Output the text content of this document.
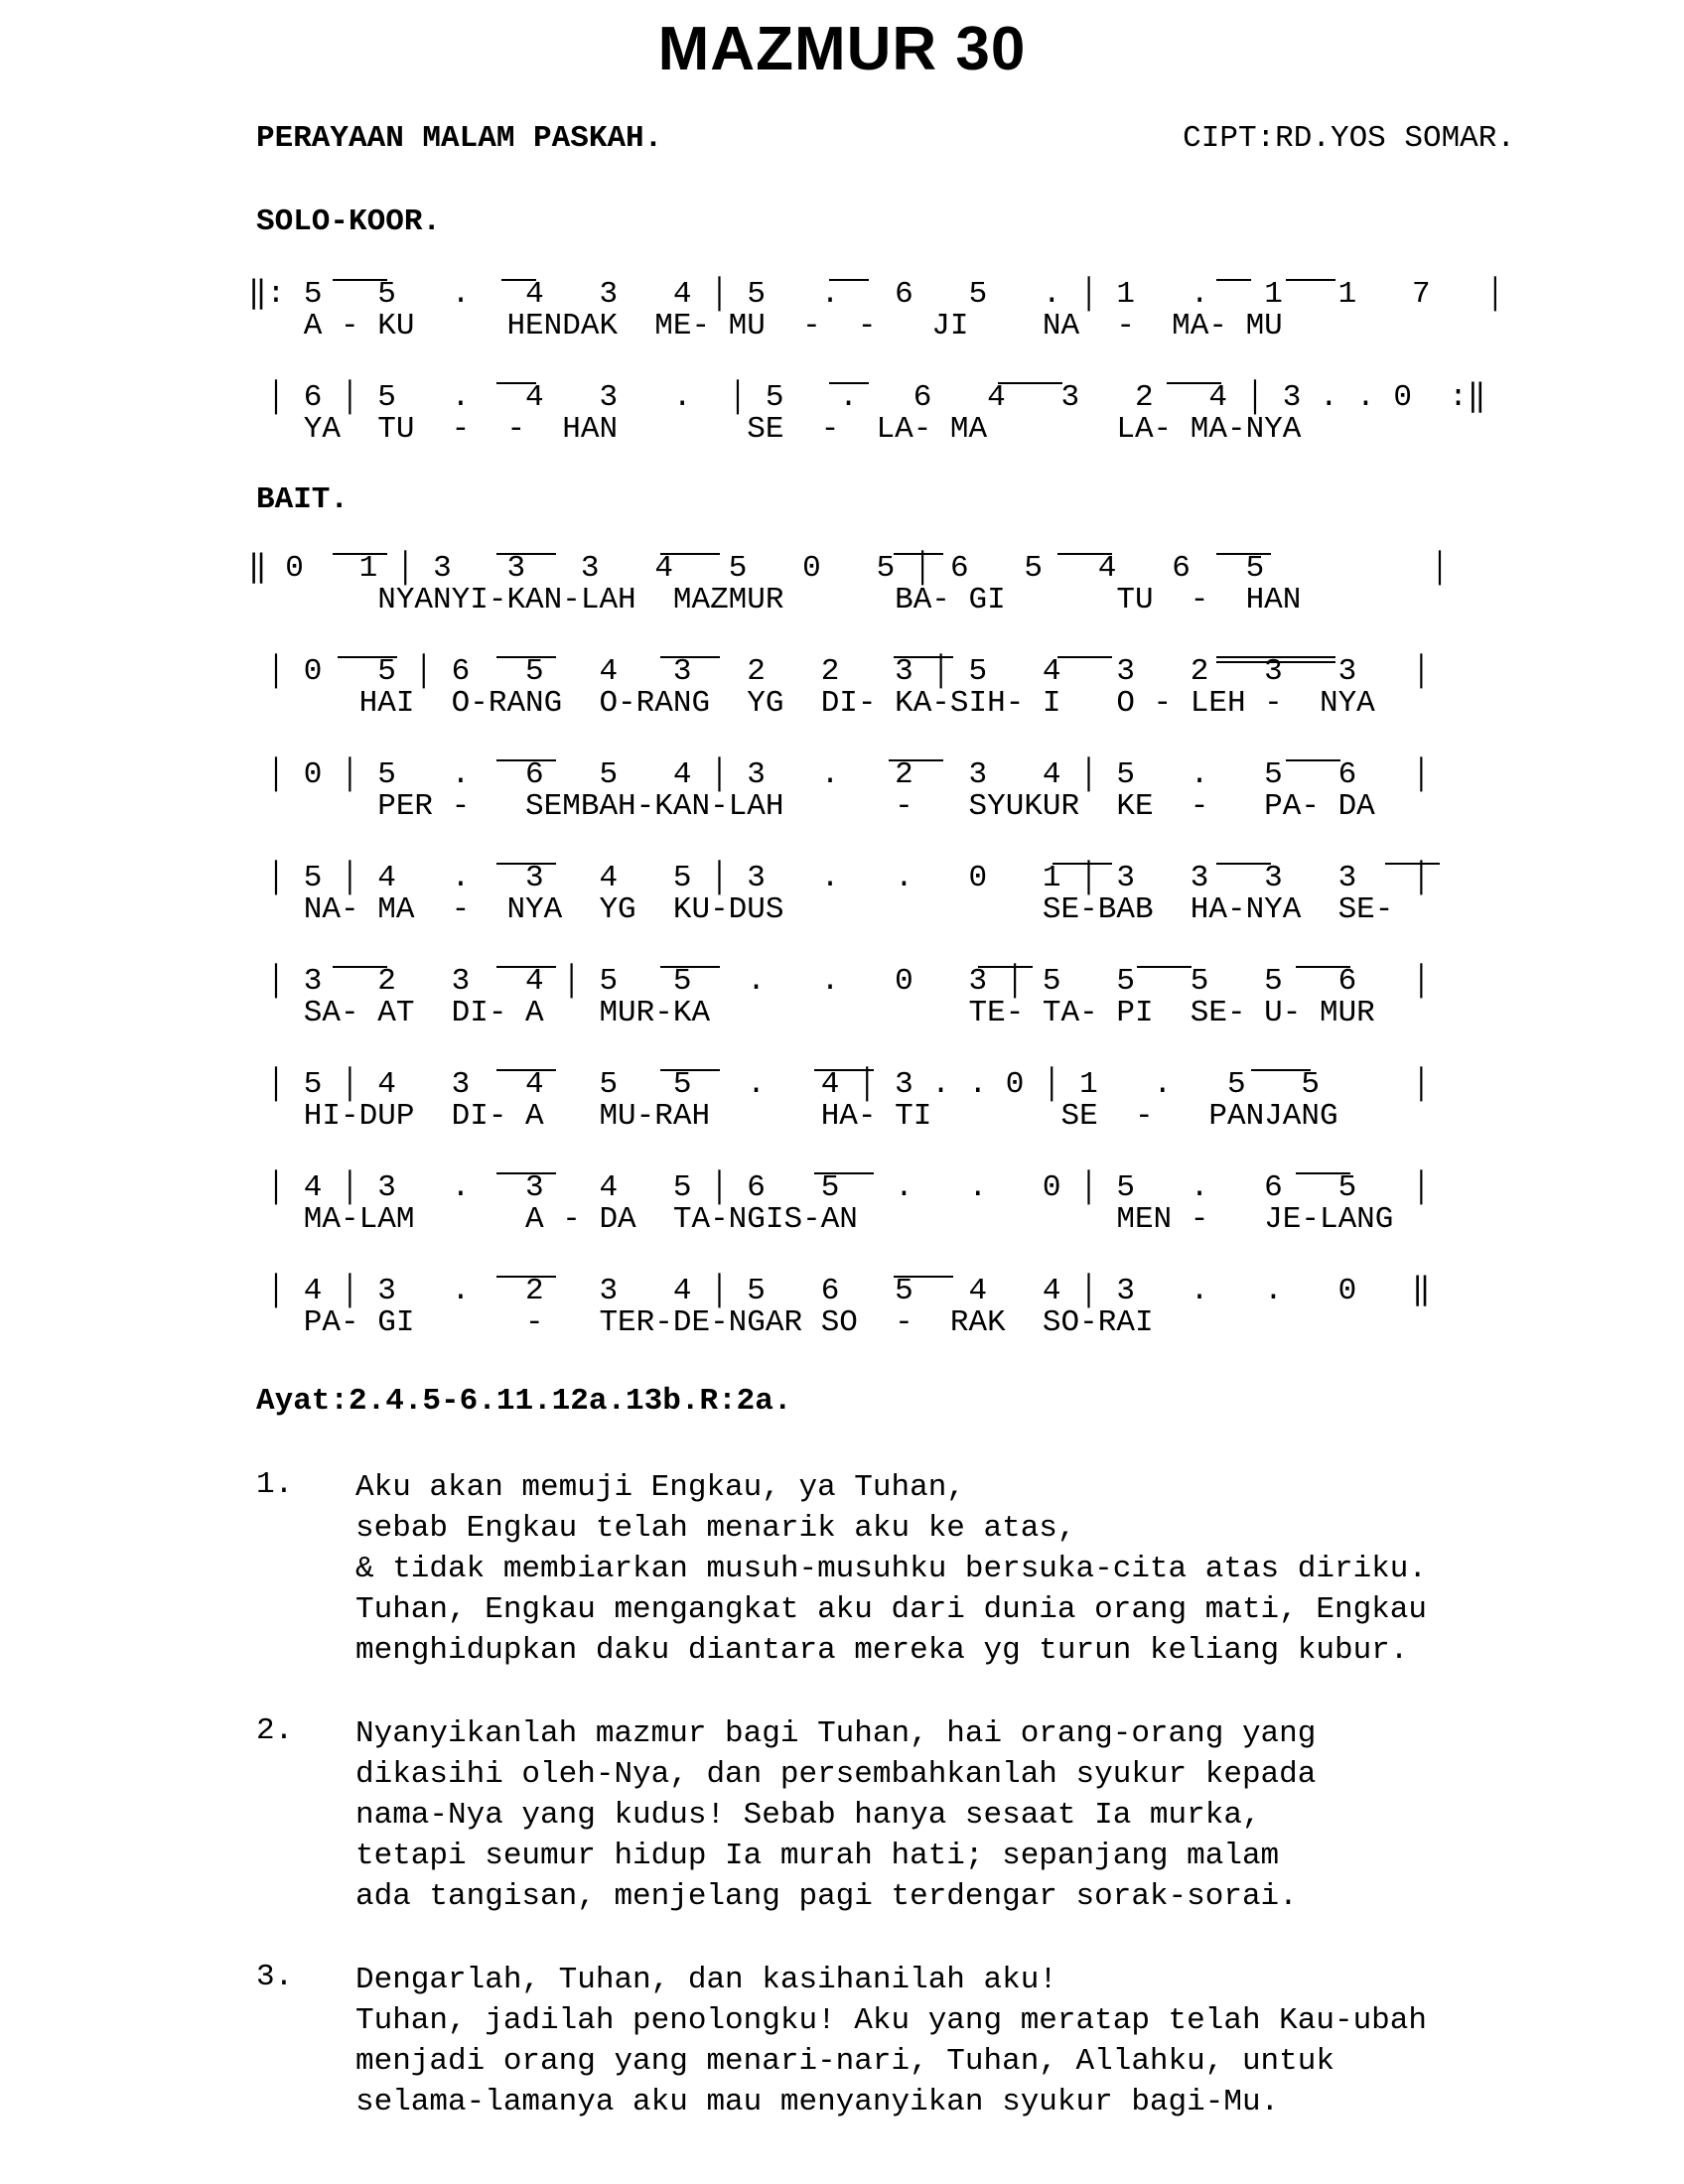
MAZMUR 30
PERAYAAN MALAM PASKAH.	CIPT:RD.YOS SOMAR.
SOLO-KOOR.
‖: 5   5   .   4   3   4 │ 5   .   6   5   . │ 1   .   1   1   7   │
A - KU     HENDAK  ME- MU  -  -   JI    NA  -  MA- MU
│ 6 │ 5   .   4   3   .  │ 5   .   6   4   3   2   4 │ 3 . . 0  :‖
YA  TU  -  -  HAN       SE  -  LA- MA       LA- MA-NYA
BAIT.
‖ 0   1 │ 3   3   3   4   5   0   5 │ 6   5   4   6   5         │
NYANYI-KAN-LAH  MAZMUR      BA- GI      TU  -  HAN
│ 0   5 │ 6   5   4   3   2   2   3 │ 5   4   3   2   3   3   │
HAI  O-RANG  O-RANG  YG  DI- KA-SIH- I   O - LEH -  NYA
│ 0 │ 5   .   6   5   4 │ 3   .   2   3   4 │ 5   .   5   6   │
PER -   SEMBAH-KAN-LAH      -   SYUKUR  KE  -   PA- DA
│ 5 │ 4   .   3   4   5 │ 3   .   .   0   1 │ 3   3   3   3   │
NA- MA  -  NYA  YG  KU-DUS              SE-BAB  HA-NYA  SE-
│ 3   2   3   4 │ 5   5   .   .   0   3 │ 5   5   5   5   6   │
SA- AT  DI- A   MUR-KA              TE- TA- PI  SE- U- MUR
│ 5 │ 4   3   4   5   5   .   4 │ 3 . . 0 │ 1   .   5   5     │
HI-DUP  DI- A   MU-RAH      HA- TI       SE  -   PANJANG
│ 4 │ 3   .   3   4   5 │ 6   5   .   .   0 │ 5   .   6   5   │
MA-LAM      A - DA  TA-NGIS-AN              MEN -   JE-LANG
│ 4 │ 3   .   2   3   4 │ 5   6   5   4   4 │ 3   .   .   0   ‖
PA- GI      -   TER-DE-NGAR SO  -  RAK  SO-RAI
Ayat:2.4.5-6.11.12a.13b.R:2a.
1. Aku akan memuji Engkau, ya Tuhan,
sebab Engkau telah menarik aku ke atas,
& tidak membiarkan musuh-musuhku bersuka-cita atas diriku.
Tuhan, Engkau mengangkat aku dari dunia orang mati, Engkau
menghidupkan daku diantara mereka yg turun keliang kubur.
2. Nyanyikanlah mazmur bagi Tuhan, hai orang-orang yang
dikasihi oleh-Nya, dan persembahkanlah syukur kepada
nama-Nya yang kudus! Sebab hanya sesaat Ia murka,
tetapi seumur hidup Ia murah hati; sepanjang malam
ada tangisan, menjelang pagi terdengar sorak-sorai.
3. Dengarlah, Tuhan, dan kasihanilah aku!
Tuhan, jadilah penolongku! Aku yang meratap telah Kau-ubah
menjadi orang yang menari-nari, Tuhan, Allahku, untuk
selama-lamanya aku mau menyanyikan syukur bagi-Mu.
